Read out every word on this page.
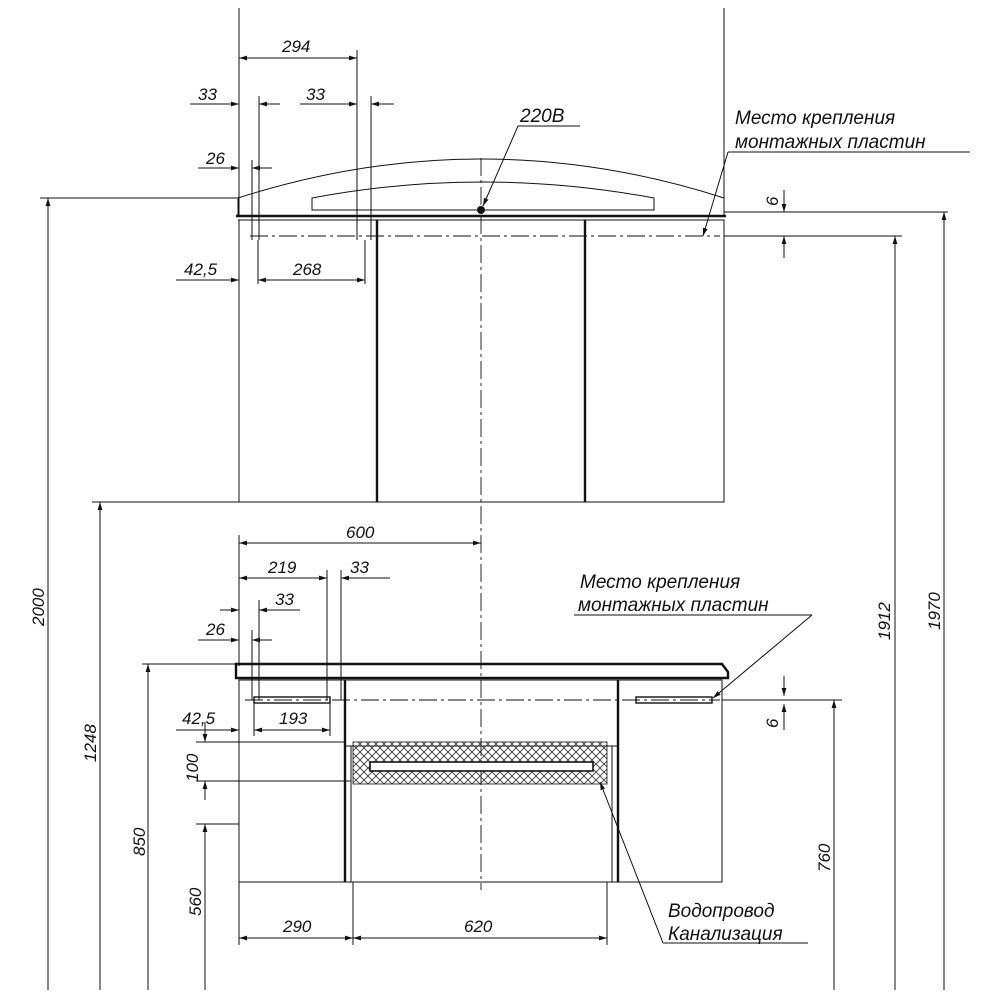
294
33	33
26
42,5	268
6
220В	Место крепления
монтажных пластин
600
219	33
33
26
42,5	193
100
6
Место крепления
монтажных пластин
Водопровод
Канализация
290	620
2000
1248
850
560
1912 1970
760
